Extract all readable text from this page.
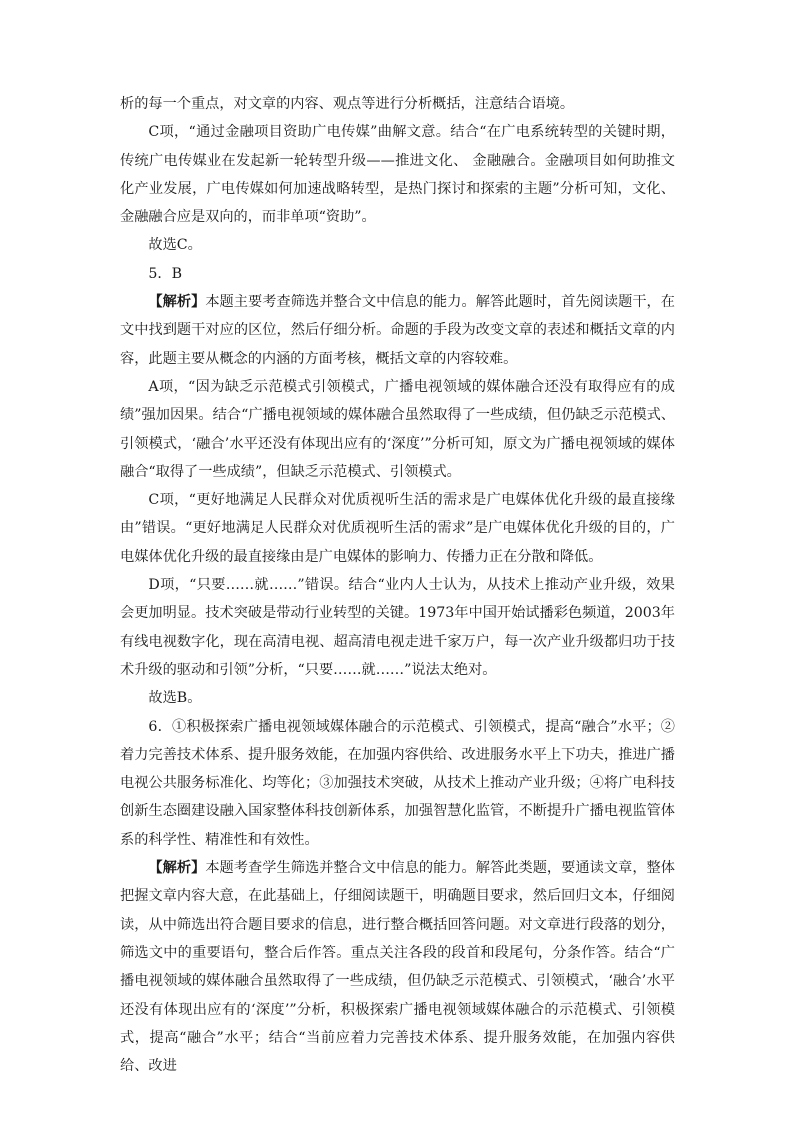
析的每一个重点，对文章的内容、观点等进行分析概括，注意结合语境。

C项，“通过金融项目资助广电传媒”曲解文意。结合“在广电系统转型的关键时期，传统广电传媒业在发起新一轮转型升级——推进文化、 金融融合。金融项目如何助推文化产业发展，广电传媒如何加速战略转型，是热门探讨和探索的主题”分析可知，文化、金融融合应是双向的，而非单项“资助”。

故选C。

5．B

【解析】本题主要考查筛选并整合文中信息的能力。解答此题时，首先阅读题干，在文中找到题干对应的区位，然后仔细分析。命题的手段为改变文章的表述和概括文章的内容，此题主要从概念的内涵的方面考核，概括文章的内容较难。

A项，“因为缺乏示范模式引领模式，广播电视领域的媒体融合还没有取得应有的成绩”强加因果。结合“广播电视领域的媒体融合虽然取得了一些成绩，但仍缺乏示范模式、引领模式，‘融合’水平还没有体现出应有的‘深度’”分析可知，原文为广播电视领域的媒体融合“取得了一些成绩”，但缺乏示范模式、引领模式。

C项，“更好地满足人民群众对优质视听生活的需求是广电媒体优化升级的最直接缘由”错误。“更好地满足人民群众对优质视听生活的需求”是广电媒体优化升级的目的，广电媒体优化升级的最直接缘由是广电媒体的影响力、传播力正在分散和降低。

D项，“只要……就……”错误。结合“业内人士认为，从技术上推动产业升级，效果会更加明显。技术突破是带动行业转型的关键。1973年中国开始试播彩色频道，2003年有线电视数字化，现在高清电视、超高清电视走进千家万户，每一次产业升级都归功于技术升级的驱动和引领”分析，“只要……就……”说法太绝对。

故选B。

6．①积极探索广播电视领域媒体融合的示范模式、引领模式，提高“融合”水平；②着力完善技术体系、提升服务效能，在加强内容供给、改进服务水平上下功夫，推进广播电视公共服务标准化、均等化；③加强技术突破，从技术上推动产业升级；④将广电科技创新生态圈建设融入国家整体科技创新体系，加强智慧化监管，不断提升广播电视监管体系的科学性、精准性和有效性。

【解析】本题考查学生筛选并整合文中信息的能力。解答此类题，要通读文章，整体把握文章内容大意，在此基础上，仔细阅读题干，明确题目要求，然后回归文本，仔细阅读，从中筛选出符合题目要求的信息，进行整合概括回答问题。对文章进行段落的划分，筛选文中的重要语句，整合后作答。重点关注各段的段首和段尾句，分条作答。结合“广播电视领域的媒体融合虽然取得了一些成绩，但仍缺乏示范模式、引领模式，‘融合’水平还没有体现出应有的‘深度’”分析，积极探索广播电视领域媒体融合的示范模式、引领模式，提高“融合”水平；结合“当前应着力完善技术体系、提升服务效能，在加强内容供给、改进
